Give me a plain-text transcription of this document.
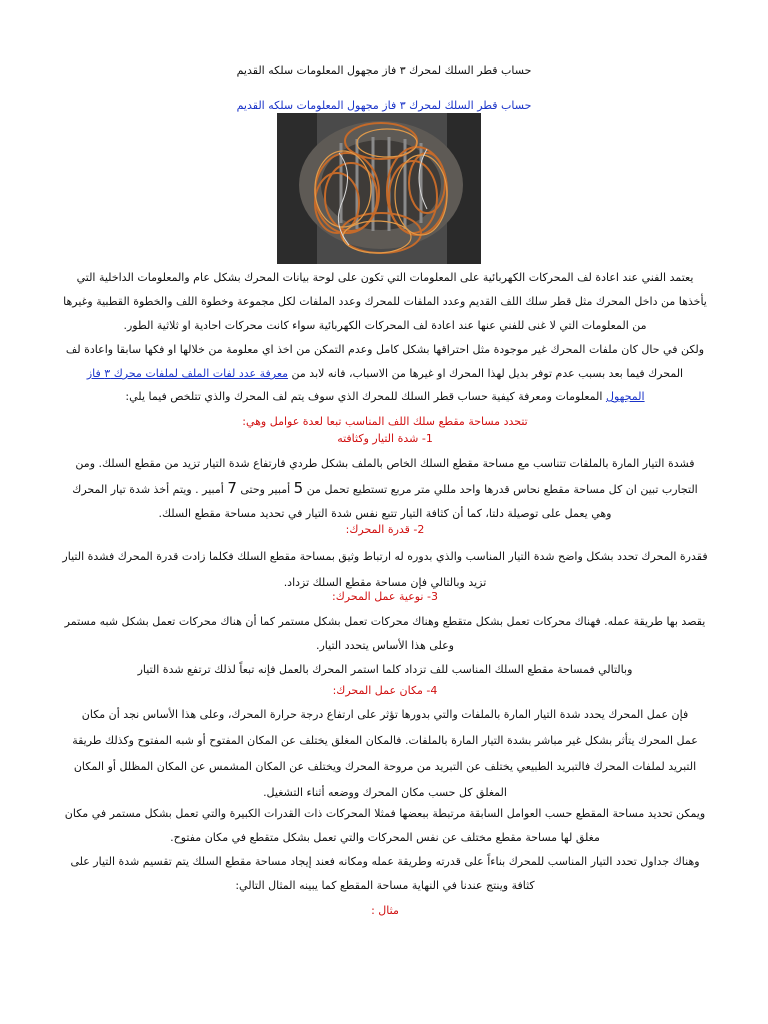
حساب قطر السلك لمحرك ٣ فاز مجهول المعلومات سلكه القديم
حساب قطر السلك لمحرك ٣ فاز مجهول المعلومات سلكه القديم

يعتمد الفني عند اعادة لف المحركات الكهربائية على المعلومات التي تكون على لوحة بيانات المحرك بشكل عام والمعلومات الداخلية التي

يأخذها من داخل المحرك مثل قطر سلك اللف القديم وعدد الملفات للمحرك وعدد الملفات لكل مجموعة وخطوة اللف والخطوة القطبية وغيرها

من المعلومات التي لا غنى للفني عنها عند اعادة لف المحركات الكهربائية سواء كانت محركات احادية او ثلاثية الطور.

ولكن في حال كان ملفات المحرك غير موجودة مثل احتراقها بشكل كامل وعدم التمكن من اخذ اي معلومة من خلالها او فكها سابقا واعادة لف

المحرك فيما بعد بسبب عدم توفر بديل لهذا المحرك او غيرها من الاسباب، فانه لابد من معرفة عدد لفات الملف لملفات محرك ٣ فاز

المجهول المعلومات ومعرفة كيفية حساب قطر السلك للمحرك الذي سوف يتم لف المحرك والذي تتلخص فيما يلي:

تتحدد مساحة مقطع سلك اللف المناسب تبعا لعدة عوامل وهي:
1- شدة التيار وكثافته

فشدة التيار المارة بالملفات تتناسب مع مساحة مقطع السلك الخاص بالملف بشكل طردي فارتفاع شدة التيار تزيد من مقطع السلك. ومن

التجارب تبين ان كل مساحة مقطع نحاس قدرها واحد مللي متر مربع تستطيع تحمل من 5 أمبير وحتى 7 أمبير . ويتم أخذ شدة تيار المحرك

وهي يعمل على توصيلة دلتا، كما أن كثافة التيار تتبع نفس شدة التيار في تحديد مساحة مقطع السلك.

2- قدرة المحرك:

فقدرة المحرك تحدد بشكل واضح شدة التيار المناسب والذي بدوره له ارتباط وثيق بمساحة مقطع السلك فكلما زادت قدرة المحرك فشدة التيار

تزيد وبالتالي فإن مساحة مقطع السلك تزداد.

3- نوعية عمل المحرك:

يقصد بها طريقة عمله. فهناك محركات تعمل بشكل متقطع وهناك محركات تعمل بشكل مستمر كما أن هناك محركات تعمل بشكل شبه مستمر

وعلى هذا الأساس يتحدد التيار.

وبالتالي فمساحة مقطع السلك المناسب للف تزداد كلما استمر المحرك بالعمل فإنه تبعاً لذلك ترتفع شدة التيار

4- مكان عمل المحرك:

فإن عمل المحرك يحدد شدة التيار المارة بالملفات والتي بدورها تؤثر على ارتفاع درجة حرارة المحرك، وعلى هذا الأساس نجد أن مكان

عمل المحرك يتأثر بشكل غير مباشر بشدة التيار المارة بالملفات. فالمكان المغلق يختلف عن المكان المفتوح أو شبه المفتوح وكذلك طريقة

التبريد لملفات المحرك فالتبريد الطبيعي يختلف عن التبريد من مروحة المحرك ويختلف عن المكان المشمس عن المكان المظلل أو المكان

المغلق كل حسب مكان المحرك ووضعه أثناء التشغيل.

ويمكن تحديد مساحة المقطع حسب العوامل السابقة مرتبطة ببعضها فمثلا المحركات ذات القدرات الكبيرة والتي تعمل بشكل مستمر في مكان

مغلق لها مساحة مقطع مختلف عن نفس المحركات والتي تعمل بشكل متقطع في مكان مفتوح.

وهناك جداول تحدد التيار المناسب للمحرك بناءاً على قدرته وطريقة عمله ومكانه فعند إيجاد مساحة مقطع السلك يتم تقسيم شدة التيار على

كثافة وينتج عندنا في النهاية مساحة المقطع كما يبينه المثال التالي:

مثال :
